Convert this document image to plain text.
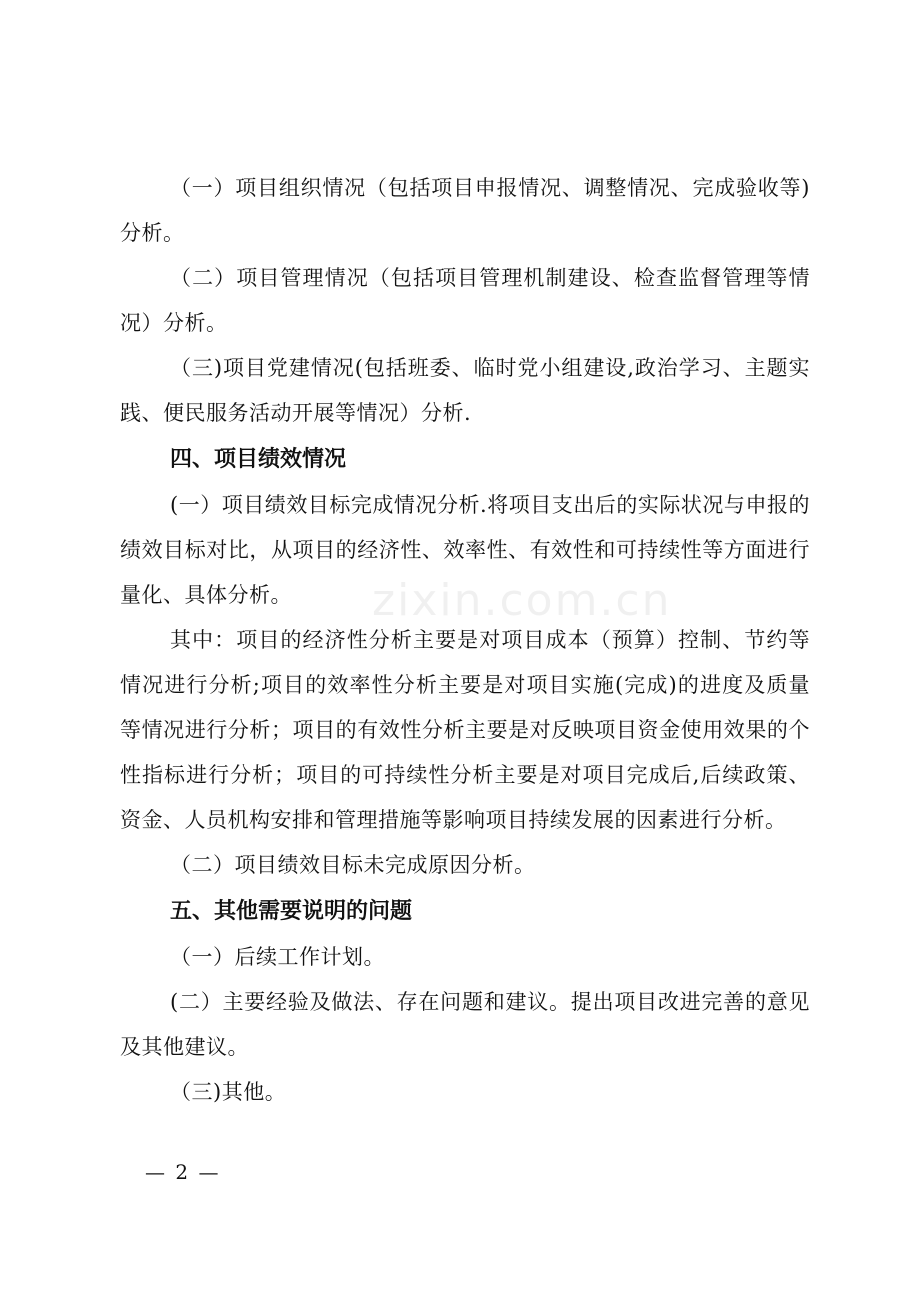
zixin.com.cn

（一）项目组织情况（包括项目申报情况、调整情况、完成验收等)分析。

（二）项目管理情况（包括项目管理机制建设、检查监督管理等情况）分析。

（三)项目党建情况(包括班委、临时党小组建设,政治学习、主题实践、便民服务活动开展等情况）分析.

四、项目绩效情况

(一）项目绩效目标完成情况分析.将项目支出后的实际状况与申报的绩效目标对比，从项目的经济性、效率性、有效性和可持续性等方面进行量化、具体分析。

其中：项目的经济性分析主要是对项目成本（预算）控制、节约等情况进行分析;项目的效率性分析主要是对项目实施(完成)的进度及质量等情况进行分析；项目的有效性分析主要是对反映项目资金使用效果的个性指标进行分析；项目的可持续性分析主要是对项目完成后,后续政策、资金、人员机构安排和管理措施等影响项目持续发展的因素进行分析。

（二）项目绩效目标未完成原因分析。

五、其他需要说明的问题

（一）后续工作计划。

(二）主要经验及做法、存在问题和建议。提出项目改进完善的意见及其他建议。

（三)其他。

— 2 —
